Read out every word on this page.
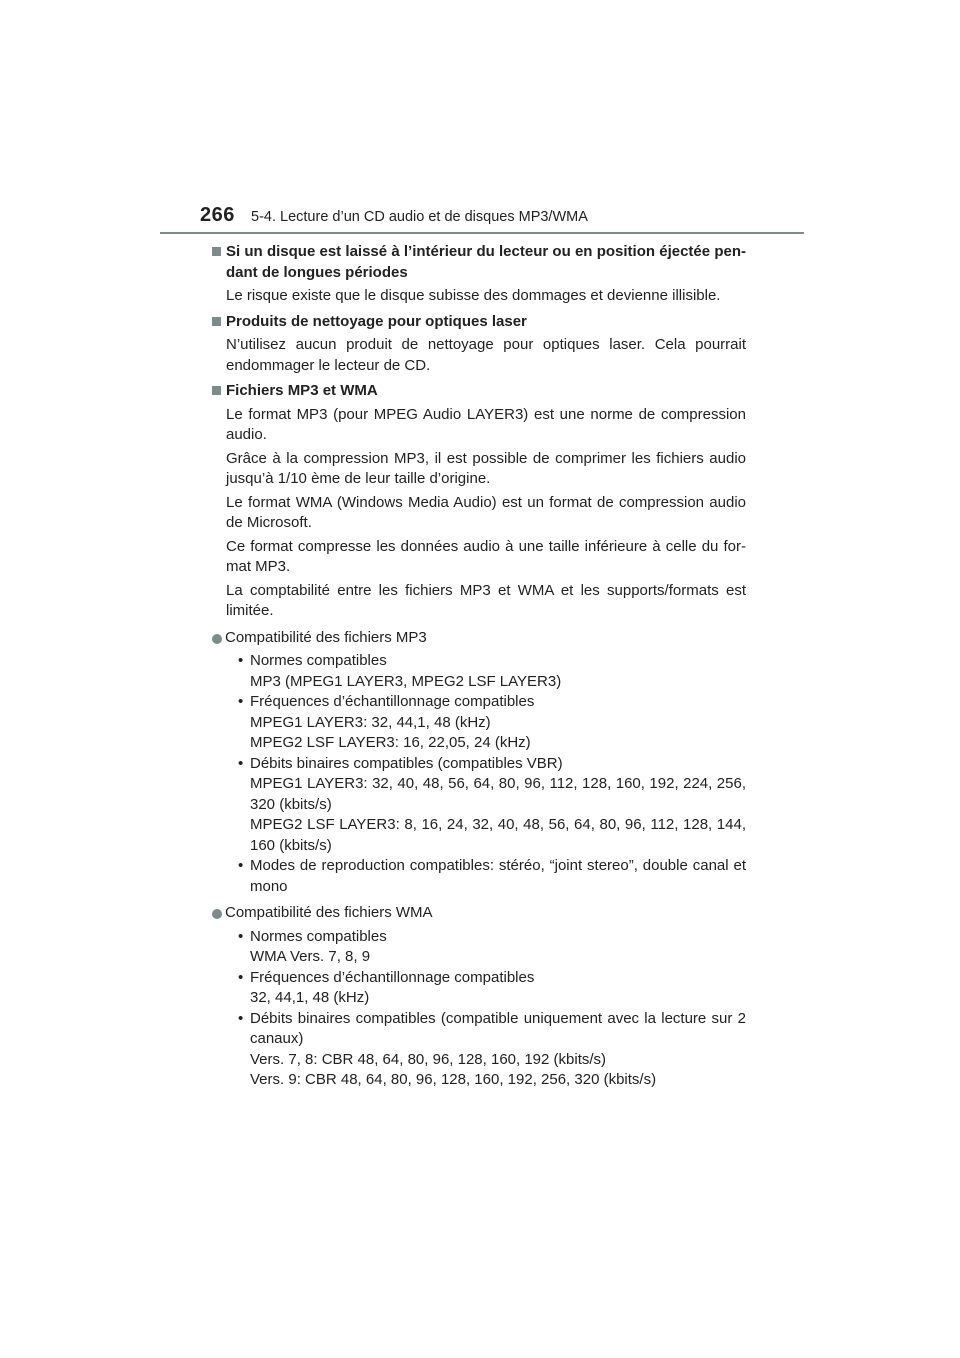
266 5-4. Lecture d’un CD audio et de disques MP3/WMA
Si un disque est laissé à l’intérieur du lecteur ou en position éjectée pen-dant de longues périodes
Le risque existe que le disque subisse des dommages et devienne illisible.
Produits de nettoyage pour optiques laser
N’utilisez aucun produit de nettoyage pour optiques laser. Cela pourrait endommager le lecteur de CD.
Fichiers MP3 et WMA
Le format MP3 (pour MPEG Audio LAYER3) est une norme de compression audio.
Grâce à la compression MP3, il est possible de comprimer les fichiers audio jusqu’à 1/10 ème de leur taille d’origine.
Le format WMA (Windows Media Audio) est un format de compression audio de Microsoft.
Ce format compresse les données audio à une taille inférieure à celle du for-mat MP3.
La comptabilité entre les fichiers MP3 et WMA et les supports/formats est limitée.
Compatibilité des fichiers MP3
• Normes compatibles
MP3 (MPEG1 LAYER3, MPEG2 LSF LAYER3)
• Fréquences d’échantillonnage compatibles
MPEG1 LAYER3: 32, 44,1, 48 (kHz)
MPEG2 LSF LAYER3: 16, 22,05, 24 (kHz)
• Débits binaires compatibles (compatibles VBR)
MPEG1 LAYER3: 32, 40, 48, 56, 64, 80, 96, 112, 128, 160, 192, 224, 256, 320 (kbits/s)
MPEG2 LSF LAYER3: 8, 16, 24, 32, 40, 48, 56, 64, 80, 96, 112, 128, 144, 160 (kbits/s)
• Modes de reproduction compatibles: stéréo, “joint stereo”, double canal et mono
Compatibilité des fichiers WMA
• Normes compatibles
WMA Vers. 7, 8, 9
• Fréquences d’échantillonnage compatibles
32, 44,1, 48 (kHz)
• Débits binaires compatibles (compatible uniquement avec la lecture sur 2 canaux)
Vers. 7, 8: CBR 48, 64, 80, 96, 128, 160, 192 (kbits/s)
Vers. 9: CBR 48, 64, 80, 96, 128, 160, 192, 256, 320 (kbits/s)
